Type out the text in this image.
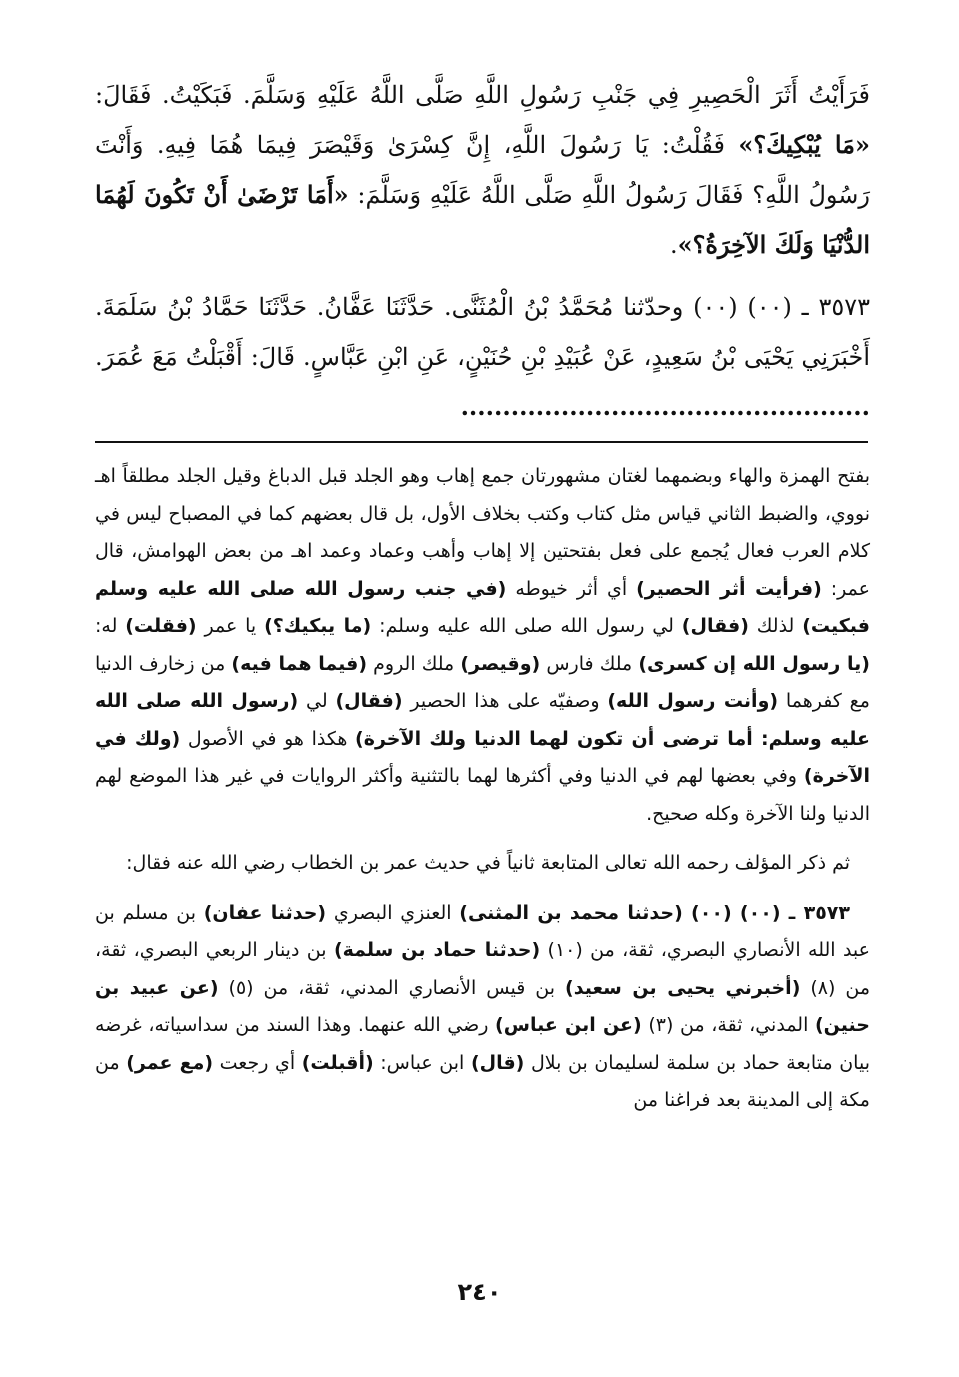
فَرَأَيْتُ أَثَرَ الْحَصِيرِ فِي جَنْبِ رَسُولِ اللَّهِ صَلَّى اللَّهُ عَلَيْهِ وَسَلَّمَ. فَبَكَيْتُ. فَقَالَ: «مَا يُبْكِيكَ؟» فَقُلْتُ: يَا رَسُولَ اللَّهِ، إِنَّ كِسْرَىٰ وَقَيْصَرَ فِيمَا هُمَا فِيهِ. وَأَنْتَ رَسُولُ اللَّهِ؟ فَقَالَ رَسُولُ اللَّهِ صَلَّى اللَّهُ عَلَيْهِ وَسَلَّمَ: «أَمَا تَرْضَىٰ أَنْ تَكُونَ لَهُمَا الدُّنْيَا وَلَكَ الآخِرَةُ؟».

٣٥٧٣ ـ (٠٠) (٠٠) وحدّثنا مُحَمَّدُ بْنُ الْمُثَنَّى. حَدَّثَنَا عَفَّانُ. حَدَّثَنَا حَمَّادُ بْنُ سَلَمَةَ. أَخْبَرَنِي يَحْيَى بْنُ سَعِيدٍ، عَنْ عُبَيْدِ بْنِ حُنَيْنٍ، عَنِ ابْنِ عَبَّاسٍ. قَالَ: أَقْبَلْتُ مَعَ عُمَرَ. .................................................

بفتح الهمزة والهاء وبضمهما لغتان مشهورتان جمع إهاب وهو الجلد قبل الدباغ وقيل الجلد مطلقاً اهـ نووي، والضبط الثاني قياس مثل كتاب وكتب بخلاف الأول، بل قال بعضهم كما في المصباح ليس في كلام العرب فعال يُجمع على فعل بفتحتين إلا إهاب وأهب وعماد وعمد اهـ من بعض الهوامش، قال عمر: (فرأيت أثر الحصير) أي أثر خيوطه (في جنب رسول الله صلى الله عليه وسلم فبكيت) لذلك (فقال) لي رسول الله صلى الله عليه وسلم: (ما يبكيك؟) يا عمر (فقلت) له: (يا رسول الله إن كسرى) ملك فارس (وقيصر) ملك الروم (فيما هما فيه) من زخارف الدنيا مع كفرهما (وأنت رسول الله) وصفيّه على هذا الحصير (فقال) لي (رسول الله صلى الله عليه وسلم: أما ترضى أن تكون لهما الدنيا ولك الآخرة) هكذا هو في الأصول (ولك في الآخرة) وفي بعضها لهم في الدنيا وفي أكثرها لهما بالتثنية وأكثر الروايات في غير هذا الموضع لهم الدنيا ولنا الآخرة وكله صحيح.

ثم ذكر المؤلف رحمه الله تعالى المتابعة ثانياً في حديث عمر بن الخطاب رضي الله عنه فقال:

٣٥٧٣ ـ (٠٠) (٠٠) (حدثنا محمد بن المثنى) العنزي البصري (حدثنا عفان) بن مسلم بن عبد الله الأنصاري البصري، ثقة، من (١٠) (حدثنا حماد بن سلمة) بن دينار الربعي البصري، ثقة، من (٨) (أخبرني يحيى بن سعيد) بن قيس الأنصاري المدني، ثقة، من (٥) (عن عبيد بن حنين) المدني، ثقة، من (٣) (عن ابن عباس) رضي الله عنهما. وهذا السند من سداسياته، غرضه بيان متابعة حماد بن سلمة لسليمان بن بلال (قال) ابن عباس: (أقبلت) أي رجعت (مع عمر) من مكة إلى المدينة بعد فراغنا من

٢٤٠
